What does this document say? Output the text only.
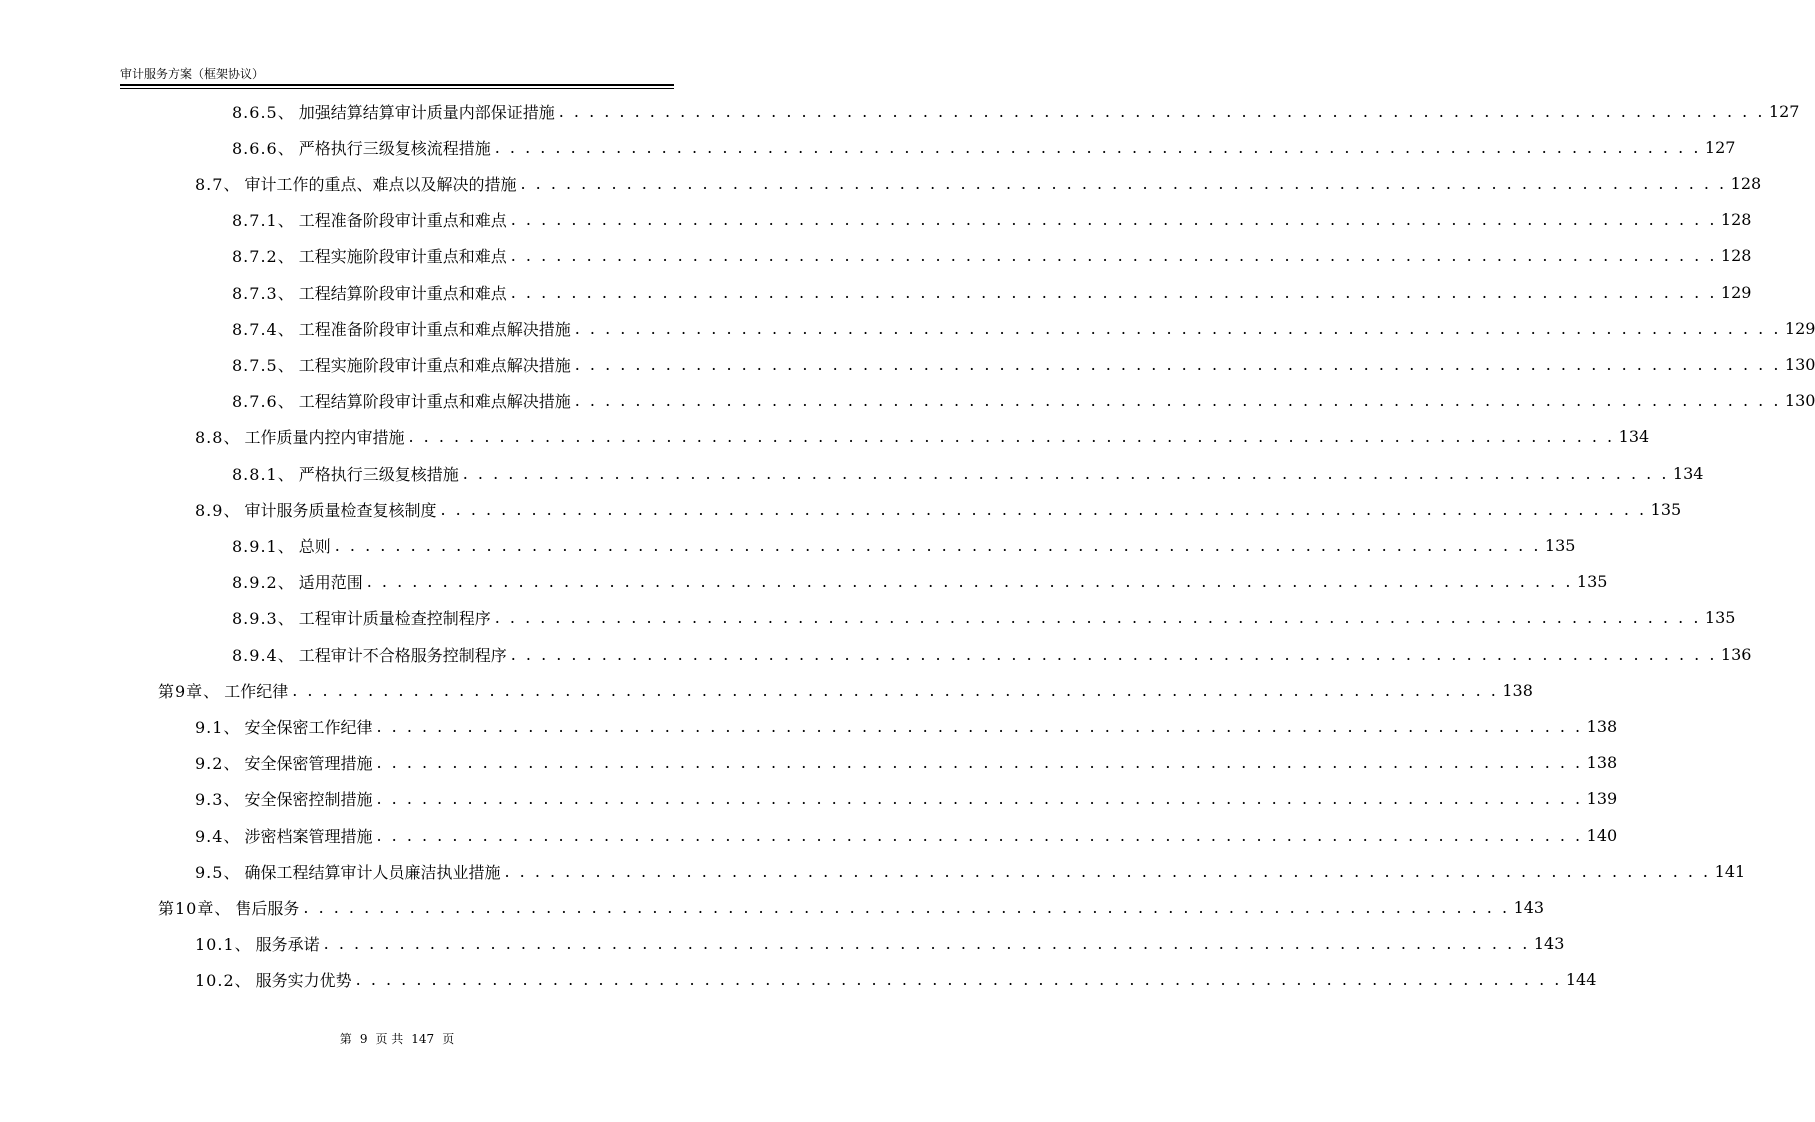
审计服务方案（框架协议）
8.6.5、 加强结算结算审计质量内部保证措施 . . . . . . . . . . . . . . . . . . . . . . . . . . . . . . . . . . . . . . . . . . . . . . . . . . . . . . . . . . . . . . . . . . . . . . . . . . . . . . . . 127
8.6.6、 严格执行三级复核流程措施 . . . . . . . . . . . . . . . . . . . . . . . . . . . . . . . . . . . . . . . . . . . . . . . . . . . . . . . . . . . . . . . . . . . . . . . . . . . . . . . . 127
8.7、 审计工作的重点、难点以及解决的措施 . . . . . . . . . . . . . . . . . . . . . . . . . . . . . . . . . . . . . . . . . . . . . . . . . . . . . . . . . . . . . . . . . . . . . . . . . . . . . . . . 128
8.7.1、 工程准备阶段审计重点和难点 . . . . . . . . . . . . . . . . . . . . . . . . . . . . . . . . . . . . . . . . . . . . . . . . . . . . . . . . . . . . . . . . . . . . . . . . . . . . . . . . 128
8.7.2、 工程实施阶段审计重点和难点 . . . . . . . . . . . . . . . . . . . . . . . . . . . . . . . . . . . . . . . . . . . . . . . . . . . . . . . . . . . . . . . . . . . . . . . . . . . . . . . . 128
8.7.3、 工程结算阶段审计重点和难点 . . . . . . . . . . . . . . . . . . . . . . . . . . . . . . . . . . . . . . . . . . . . . . . . . . . . . . . . . . . . . . . . . . . . . . . . . . . . . . . . 129
8.7.4、 工程准备阶段审计重点和难点解决措施 . . . . . . . . . . . . . . . . . . . . . . . . . . . . . . . . . . . . . . . . . . . . . . . . . . . . . . . . . . . . . . . . . . . . . . . . . . . . . . . . 129
8.7.5、 工程实施阶段审计重点和难点解决措施 . . . . . . . . . . . . . . . . . . . . . . . . . . . . . . . . . . . . . . . . . . . . . . . . . . . . . . . . . . . . . . . . . . . . . . . . . . . . . . . . 130
8.7.6、 工程结算阶段审计重点和难点解决措施 . . . . . . . . . . . . . . . . . . . . . . . . . . . . . . . . . . . . . . . . . . . . . . . . . . . . . . . . . . . . . . . . . . . . . . . . . . . . . . . . 130
8.8、 工作质量内控内审措施 . . . . . . . . . . . . . . . . . . . . . . . . . . . . . . . . . . . . . . . . . . . . . . . . . . . . . . . . . . . . . . . . . . . . . . . . . . . . . . . . 134
8.8.1、 严格执行三级复核措施 . . . . . . . . . . . . . . . . . . . . . . . . . . . . . . . . . . . . . . . . . . . . . . . . . . . . . . . . . . . . . . . . . . . . . . . . . . . . . . . . 134
8.9、 审计服务质量检查复核制度 . . . . . . . . . . . . . . . . . . . . . . . . . . . . . . . . . . . . . . . . . . . . . . . . . . . . . . . . . . . . . . . . . . . . . . . . . . . . . . . . 135
8.9.1、 总则 . . . . . . . . . . . . . . . . . . . . . . . . . . . . . . . . . . . . . . . . . . . . . . . . . . . . . . . . . . . . . . . . . . . . . . . . . . . . . . . . 135
8.9.2、 适用范围 . . . . . . . . . . . . . . . . . . . . . . . . . . . . . . . . . . . . . . . . . . . . . . . . . . . . . . . . . . . . . . . . . . . . . . . . . . . . . . . . 135
8.9.3、 工程审计质量检查控制程序 . . . . . . . . . . . . . . . . . . . . . . . . . . . . . . . . . . . . . . . . . . . . . . . . . . . . . . . . . . . . . . . . . . . . . . . . . . . . . . . . 135
8.9.4、 工程审计不合格服务控制程序 . . . . . . . . . . . . . . . . . . . . . . . . . . . . . . . . . . . . . . . . . . . . . . . . . . . . . . . . . . . . . . . . . . . . . . . . . . . . . . . . 136
第9章、 工作纪律 . . . . . . . . . . . . . . . . . . . . . . . . . . . . . . . . . . . . . . . . . . . . . . . . . . . . . . . . . . . . . . . . . . . . . . . . . . . . . . . . 138
9.1、 安全保密工作纪律 . . . . . . . . . . . . . . . . . . . . . . . . . . . . . . . . . . . . . . . . . . . . . . . . . . . . . . . . . . . . . . . . . . . . . . . . . . . . . . . . 138
9.2、 安全保密管理措施 . . . . . . . . . . . . . . . . . . . . . . . . . . . . . . . . . . . . . . . . . . . . . . . . . . . . . . . . . . . . . . . . . . . . . . . . . . . . . . . . 138
9.3、 安全保密控制措施 . . . . . . . . . . . . . . . . . . . . . . . . . . . . . . . . . . . . . . . . . . . . . . . . . . . . . . . . . . . . . . . . . . . . . . . . . . . . . . . . 139
9.4、 涉密档案管理措施 . . . . . . . . . . . . . . . . . . . . . . . . . . . . . . . . . . . . . . . . . . . . . . . . . . . . . . . . . . . . . . . . . . . . . . . . . . . . . . . . 140
9.5、 确保工程结算审计人员廉洁执业措施 . . . . . . . . . . . . . . . . . . . . . . . . . . . . . . . . . . . . . . . . . . . . . . . . . . . . . . . . . . . . . . . . . . . . . . . . . . . . . . . . 141
第10章、 售后服务 . . . . . . . . . . . . . . . . . . . . . . . . . . . . . . . . . . . . . . . . . . . . . . . . . . . . . . . . . . . . . . . . . . . . . . . . . . . . . . . . 143
10.1、 服务承诺 . . . . . . . . . . . . . . . . . . . . . . . . . . . . . . . . . . . . . . . . . . . . . . . . . . . . . . . . . . . . . . . . . . . . . . . . . . . . . . . . 143
10.2、 服务实力优势 . . . . . . . . . . . . . . . . . . . . . . . . . . . . . . . . . . . . . . . . . . . . . . . . . . . . . . . . . . . . . . . . . . . . . . . . . . . . . . . . 144
第 9 页 共 147 页
